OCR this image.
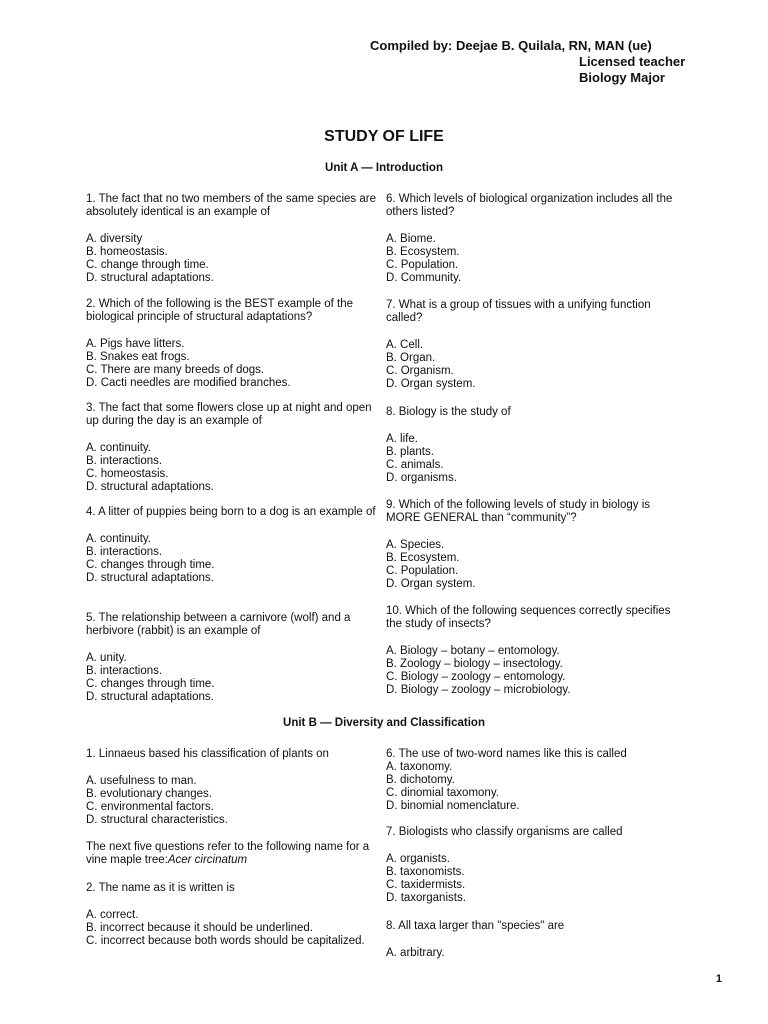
Compiled by: Deejae B. Quilala, RN, MAN (ue)
Licensed teacher
Biology Major
STUDY OF LIFE
Unit A — Introduction

1. The fact that no two members of the same species are absolutely identical is an example of

A. diversity

B. homeostasis.

C. change through time.

D. structural adaptations.

2. Which of the following is the BEST example of the biological principle of structural adaptations?

A. Pigs have litters.

B. Snakes eat frogs.

C. There are many breeds of dogs.

D. Cacti needles are modified branches.

3. The fact that some flowers close up at night and open up during the day is an example of

A. continuity.

B. interactions.

C. homeostasis.

D. structural adaptations.

4. A litter of puppies being born to a dog is an example of

A. continuity.

B. interactions.

C. changes through time.

D. structural adaptations.

5. The relationship between a carnivore (wolf) and a herbivore (rabbit) is an example of

A. unity.

B. interactions.

C. changes through time.

D. structural adaptations.

6. Which levels of biological organization includes all the others listed?

A. Biome.

B. Ecosystem.

C. Population.

D. Community.

7. What is a group of tissues with a unifying function called?

A. Cell.

B. Organ.

C. Organism.

D. Organ system.

8. Biology is the study of

A. life.

B. plants.

C. animals.

D. organisms.

9. Which of the following levels of study in biology is MORE GENERAL than “community”?

A. Species.

B. Ecosystem.

C. Population.

D. Organ system.

10. Which of the following sequences correctly specifies the study of insects?

A. Biology – botany – entomology.

B. Zoology – biology – insectology.

C. Biology – zoology – entomology.

D. Biology – zoology – microbiology.

Unit B — Diversity and Classification

1. Linnaeus based his classification of plants on

A. usefulness to man.

B. evolutionary changes.

C. environmental factors.

D. structural characteristics.

The next five questions refer to the following name for a vine maple tree:Acer circinatum

2. The name as it is written is

A. correct.

B. incorrect because it should be underlined.

C. incorrect because both words should be capitalized.

6. The use of two-word names like this is called

A. taxonomy.

B. dichotomy.

C. dinomial taxomony.

D. binomial nomenclature.

7. Biologists who classify organisms are called

A. organists.

B. taxonomists.

C. taxidermists.

D. taxorganists.

8. All taxa larger than "species" are

A. arbitrary.

1
